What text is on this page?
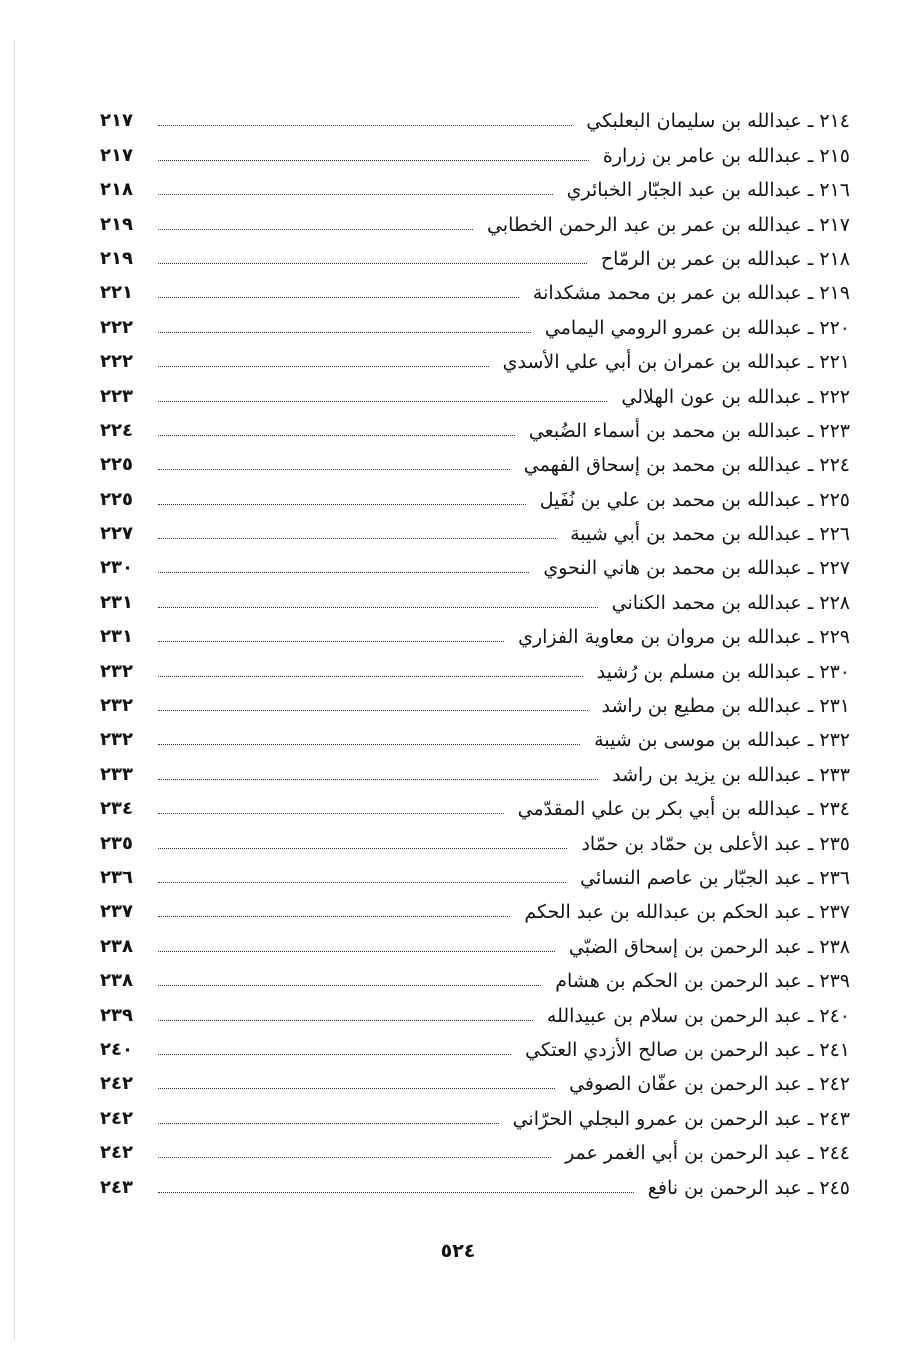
٢١٤ ـ عبدالله بن سليمان البعلبكي
٢١٧
٢١٥ ـ عبدالله بن عامر بن زرارة
٢١٧
٢١٦ ـ عبدالله بن عبد الجبّار الخبائري
٢١٨
٢١٧ ـ عبدالله بن عمر بن عبد الرحمن الخطابي
٢١٩
٢١٨ ـ عبدالله بن عمر بن الرمّاح
٢١٩
٢١٩ ـ عبدالله بن عمر بن محمد مشكدانة
٢٢١
٢٢٠ ـ عبدالله بن عمرو الرومي اليمامي
٢٢٢
٢٢١ ـ عبدالله بن عمران بن أبي علي الأسدي
٢٢٢
٢٢٢ ـ عبدالله بن عون الهلالي
٢٢٣
٢٢٣ ـ عبدالله بن محمد بن أسماء الضُبعي
٢٢٤
٢٢٤ ـ عبدالله بن محمد بن إسحاق الفهمي
٢٢٥
٢٢٥ ـ عبدالله بن محمد بن علي بن نُفَيل
٢٢٥
٢٢٦ ـ عبدالله بن محمد بن أبي شيبة
٢٢٧
٢٢٧ ـ عبدالله بن محمد بن هاني النحوي
٢٣٠
٢٢٨ ـ عبدالله بن محمد الكناني
٢٣١
٢٢٩ ـ عبدالله بن مروان بن معاوية الفزاري
٢٣١
٢٣٠ ـ عبدالله بن مسلم بن رُشيد
٢٣٢
٢٣١ ـ عبدالله بن مطيع بن راشد
٢٣٢
٢٣٢ ـ عبدالله بن موسى بن شيبة
٢٣٢
٢٣٣ ـ عبدالله بن يزيد بن راشد
٢٣٣
٢٣٤ ـ عبدالله بن أبي بكر بن علي المقدّمي
٢٣٤
٢٣٥ ـ عبد الأعلى بن حمّاد بن حمّاد
٢٣٥
٢٣٦ ـ عبد الجبّار بن عاصم النسائي
٢٣٦
٢٣٧ ـ عبد الحكم بن عبدالله بن عبد الحكم
٢٣٧
٢٣٨ ـ عبد الرحمن بن إسحاق الضبّي
٢٣٨
٢٣٩ ـ عبد الرحمن بن الحكم بن هشام
٢٣٨
٢٤٠ ـ عبد الرحمن بن سلام بن عبيدالله
٢٣٩
٢٤١ ـ عبد الرحمن بن صالح الأزدي العتكي
٢٤٠
٢٤٢ ـ عبد الرحمن بن عفّان الصوفي
٢٤٢
٢٤٣ ـ عبد الرحمن بن عمرو البجلي الحرّاني
٢٤٢
٢٤٤ ـ عبد الرحمن بن أبي الغمر عمر
٢٤٢
٢٤٥ ـ عبد الرحمن بن نافع
٢٤٣
٥٢٤
